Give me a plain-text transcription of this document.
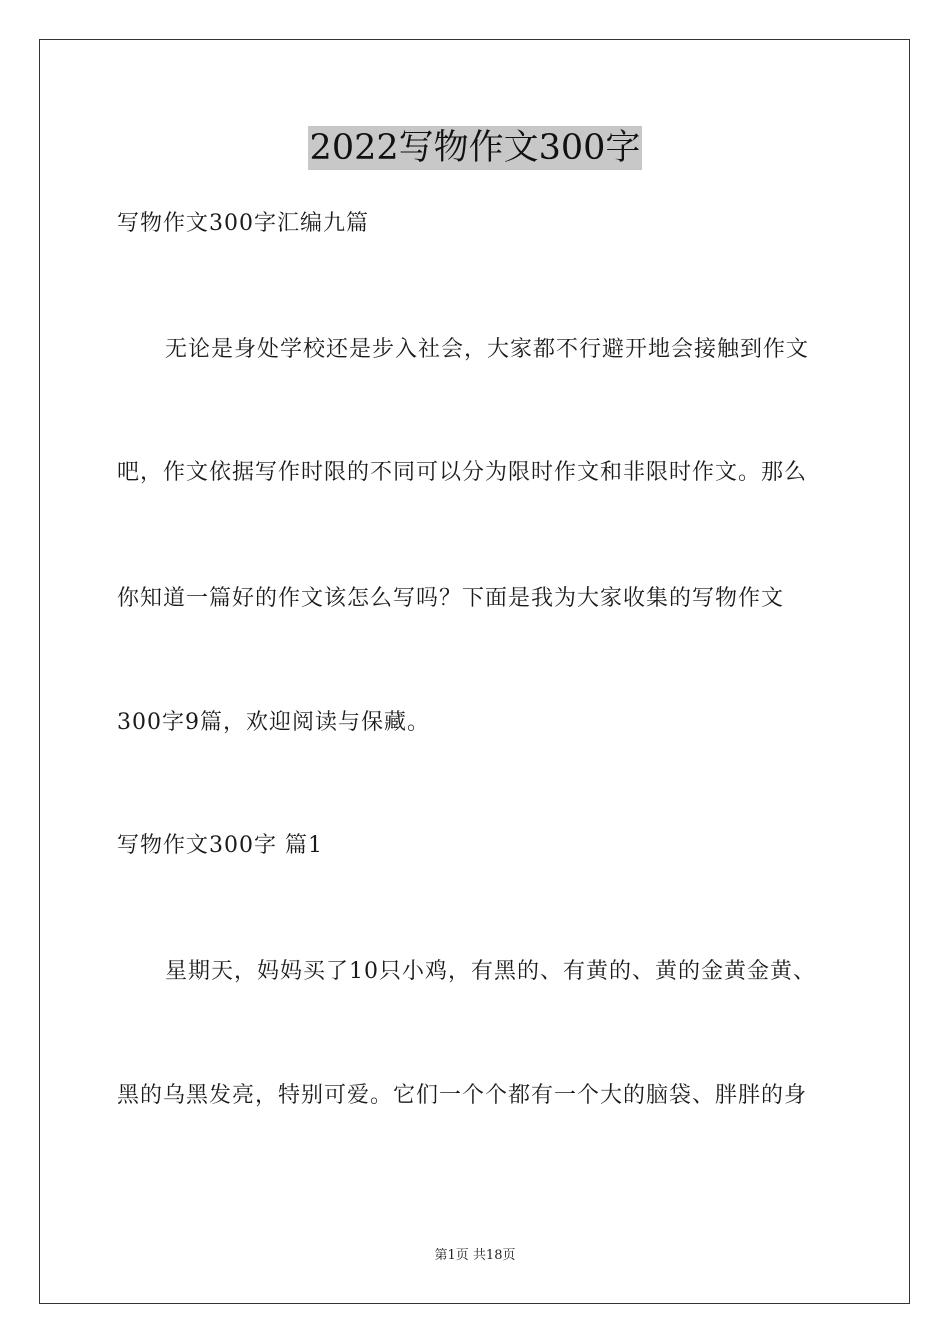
2022写物作文300字
写物作文300字汇编九篇
无论是身处学校还是步入社会，大家都不行避开地会接触到作文
吧，作文依据写作时限的不同可以分为限时作文和非限时作文。那么
你知道一篇好的作文该怎么写吗？下面是我为大家收集的写物作文
300字9篇，欢迎阅读与保藏。
写物作文300字 篇1
星期天，妈妈买了10只小鸡，有黑的、有黄的、黄的金黄金黄、
黑的乌黑发亮，特别可爱。它们一个个都有一个大的脑袋、胖胖的身
第1页 共18页
